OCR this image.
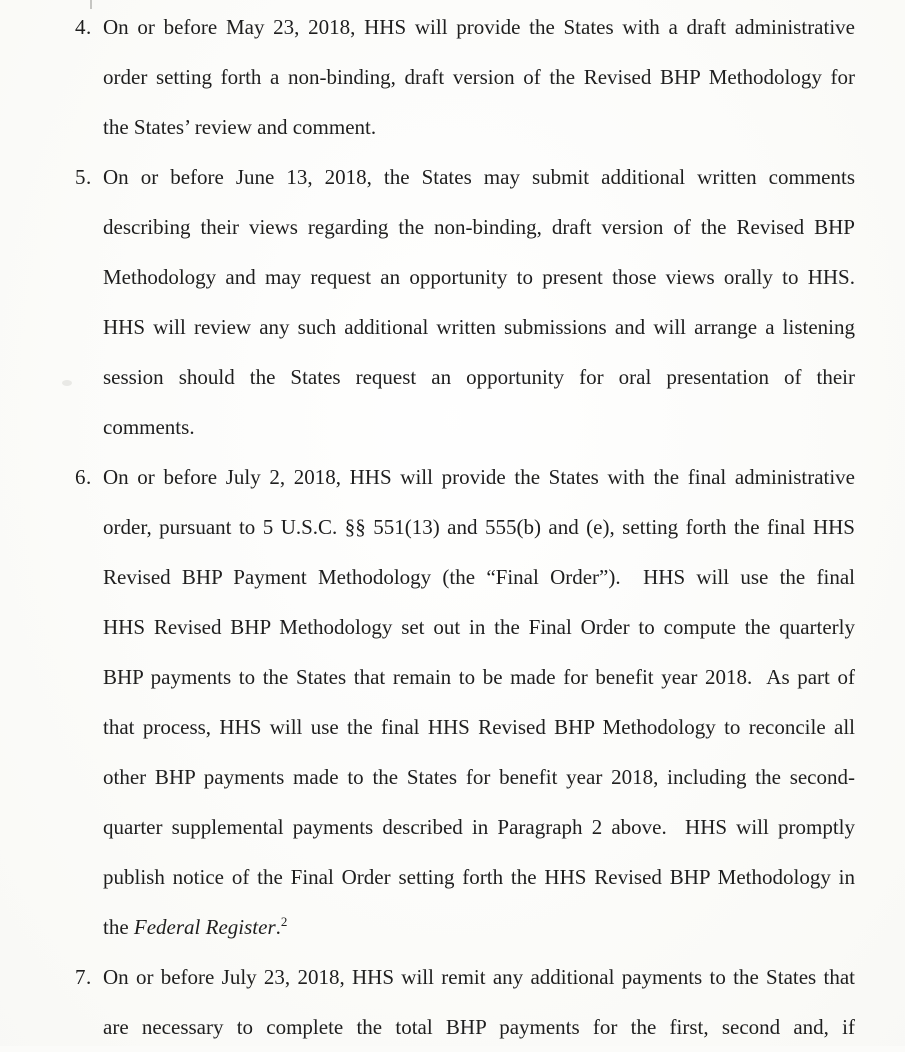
4. On or before May 23, 2018, HHS will provide the States with a draft administrative
order setting forth a non-binding, draft version of the Revised BHP Methodology for
the States’ review and comment.
5. On or before June 13, 2018, the States may submit additional written comments
describing their views regarding the non-binding, draft version of the Revised BHP
Methodology and may request an opportunity to present those views orally to HHS.
HHS will review any such additional written submissions and will arrange a listening
session should the States request an opportunity for oral presentation of their
comments.
6. On or before July 2, 2018, HHS will provide the States with the final administrative
order, pursuant to 5 U.S.C. §§ 551(13) and 555(b) and (e), setting forth the final HHS
Revised BHP Payment Methodology (the “Final Order”).  HHS will use the final
HHS Revised BHP Methodology set out in the Final Order to compute the quarterly
BHP payments to the States that remain to be made for benefit year 2018.  As part of
that process, HHS will use the final HHS Revised BHP Methodology to reconcile all
other BHP payments made to the States for benefit year 2018, including the second-
quarter supplemental payments described in Paragraph 2 above.  HHS will promptly
publish notice of the Final Order setting forth the HHS Revised BHP Methodology in
the Federal Register.$^2$
7. On or before July 23, 2018, HHS will remit any additional payments to the States that
are necessary to complete the total BHP payments for the first, second and, if
